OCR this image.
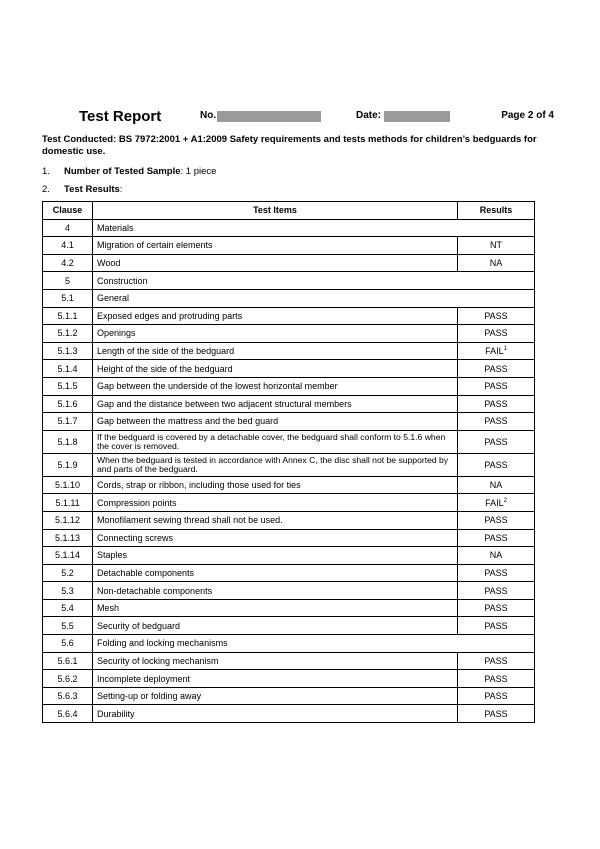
Test Report	No.	Date:	Page 2 of 4
Test Conducted: BS 7972:2001 + A1:2009 Safety requirements and tests methods for children’s bedguards for domestic use.
1. Number of Tested Sample: 1 piece
2. Test Results:
Clause	Test Items	Results
4	Materials	
4.1	Migration of certain elements	NT
4.2	Wood	NA
5	Construction	
5.1	General	
5.1.1	Exposed edges and protruding parts	PASS
5.1.2	Openings	PASS
5.1.3	Length of the side of the bedguard	FAIL$^1$
5.1.4	Height of the side of the bedguard	PASS
5.1.5	Gap between the underside of the lowest horizontal member	PASS
5.1.6	Gap and the distance between two adjacent structural members	PASS
5.1.7	Gap between the mattress and the bed guard	PASS
5.1.8	If the bedguard is covered by a detachable cover, the bedguard shall conform to 5.1.6 when the cover is removed.	PASS
5.1.9	When the bedguard is tested in accordance with Annex C, the disc shall not be supported by and parts of the bedguard.	PASS
5.1.10	Cords, strap or ribbon, including those used for ties	NA
5.1.11	Compression points	FAIL$^2$
5.1.12	Monofilament sewing thread shall not be used.	PASS
5.1.13	Connecting screws	PASS
5.1.14	Staples	NA
5.2	Detachable components	PASS
5.3	Non-detachable components	PASS
5.4	Mesh	PASS
5.5	Security of bedguard	PASS
5.6	Folding and locking mechanisms	
5.6.1	Security of locking mechanism	PASS
5.6.2	Incomplete deployment	PASS
5.6.3	Setting-up or folding away	PASS
5.6.4	Durability	PASS
